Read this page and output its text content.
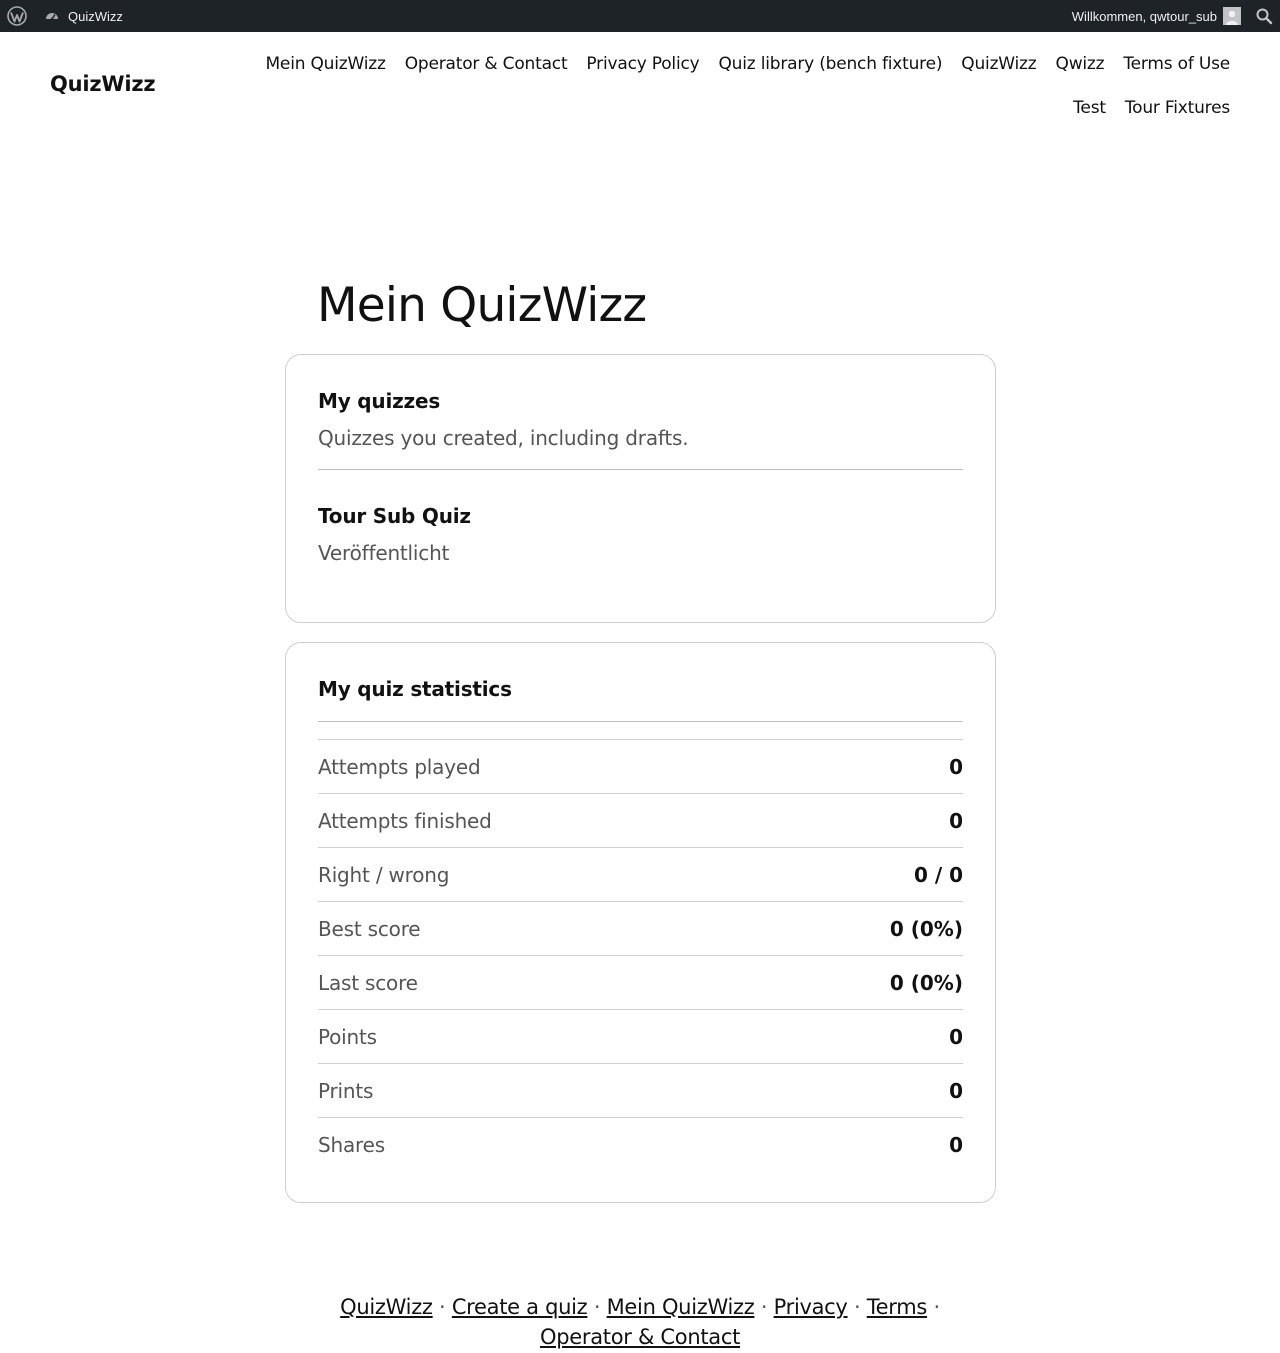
QuizWizz	Willkommen, qwtour_sub
QuizWizz
Mein QuizWizz Operator & Contact Privacy Policy Quiz library (bench fixture) QuizWizz Qwizz Terms of Use
Test Tour Fixtures
Mein QuizWizz
My quizzes

Quizzes you created, including drafts.

Tour Sub Quiz
Veröffentlicht
My quiz statistics
Attempts played	0
Attempts finished	0
Right / wrong	0 / 0
Best score	0 (0%)
Last score	0 (0%)
Points	0
Prints	0
Shares	0
QuizWizz · Create a quiz · Mein QuizWizz · Privacy · Terms · Operator & Contact
